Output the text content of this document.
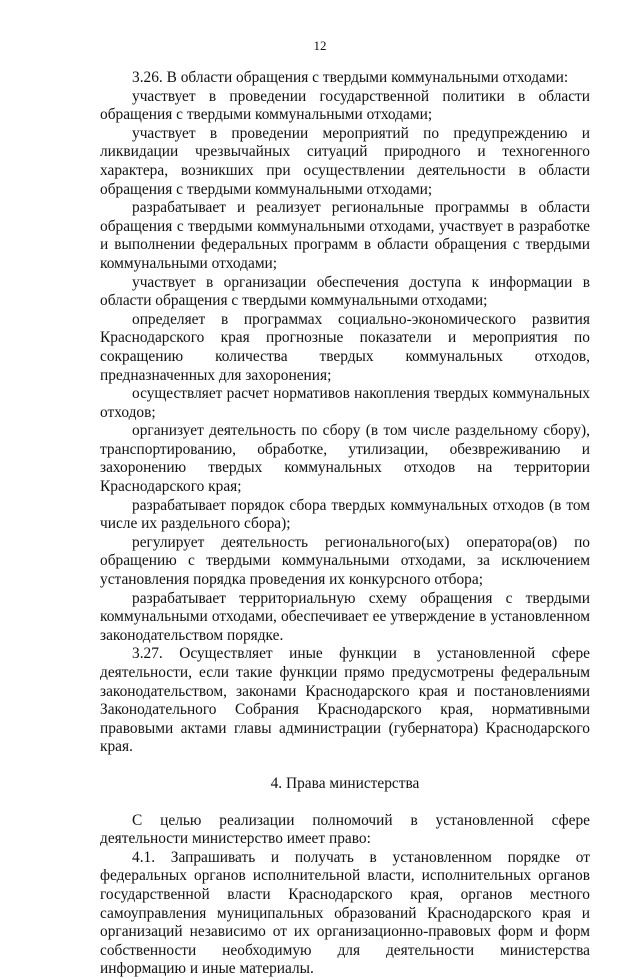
12

3.26. В области обращения с твердыми коммунальными отходами:

участвует в проведении государственной политики в области обращения с твердыми коммунальными отходами;

участвует в проведении мероприятий по предупреждению и ликвидации чрезвычайных ситуаций природного и техногенного характера, возникших при осуществлении деятельности в области обращения с твердыми коммунальными отходами;

разрабатывает и реализует региональные программы в области обращения с твердыми коммунальными отходами, участвует в разработке и выполнении федеральных программ в области обращения с твердыми коммунальными отходами;

участвует в организации обеспечения доступа к информации в области обращения с твердыми коммунальными отходами;

определяет в программах социально-экономического развития Краснодарского края прогнозные показатели и мероприятия по сокращению количества твердых коммунальных отходов, предназначенных для захоронения;

осуществляет расчет нормативов накопления твердых коммунальных отходов;

организует деятельность по сбору (в том числе раздельному сбору), транспортированию, обработке, утилизации, обезвреживанию и захоронению твердых коммунальных отходов на территории Краснодарского края;

разрабатывает порядок сбора твердых коммунальных отходов (в том числе их раздельного сбора);

регулирует деятельность регионального(ых) оператора(ов) по обращению с твердыми коммунальными отходами, за исключением установления порядка проведения их конкурсного отбора;

разрабатывает территориальную схему обращения с твердыми коммунальными отходами, обеспечивает ее утверждение в установленном законодательством порядке.

3.27. Осуществляет иные функции в установленной сфере деятельности, если такие функции прямо предусмотрены федеральным законодательством, законами Краснодарского края и постановлениями Законодательного Собрания Краснодарского края, нормативными правовыми актами главы администрации (губернатора) Краснодарского края.

4. Права министерства

С целью реализации полномочий в установленной сфере деятельности министерство имеет право:

4.1. Запрашивать и получать в установленном порядке от федеральных органов исполнительной власти, исполнительных органов государственной власти Краснодарского края, органов местного самоуправления муниципальных образований Краснодарского края и организаций независимо от их организационно-правовых форм и форм собственности необходимую для деятельности министерства информацию и иные материалы.
